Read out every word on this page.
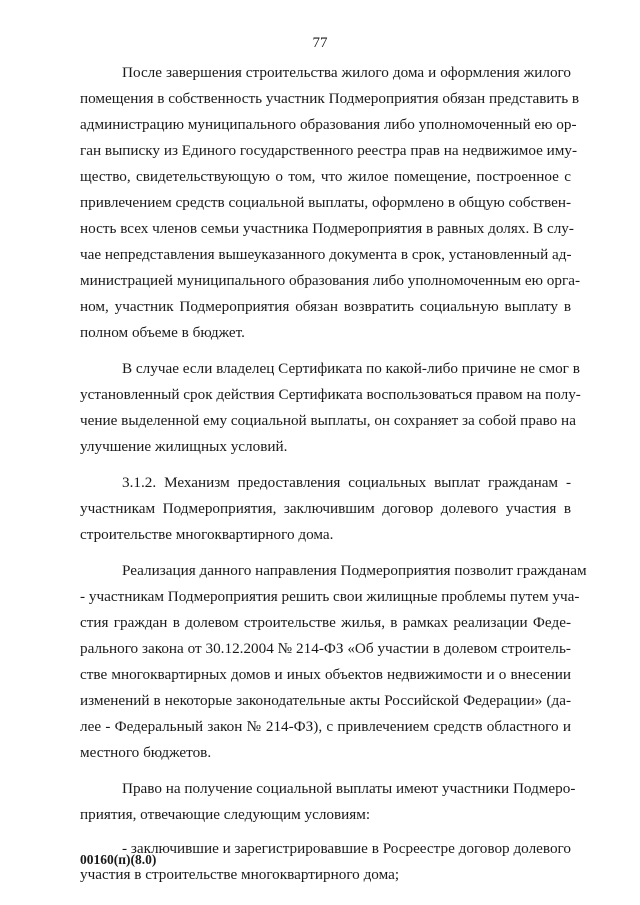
77
После завершения строительства жилого дома и оформления жилого
помещения в собственность участник Подмероприятия обязан представить в
администрацию муниципального образования либо уполномоченный ею ор-
ган выписку из Единого государственного реестра прав на недвижимое иму-
щество, свидетельствующую о том, что жилое помещение, построенное с
привлечением средств социальной выплаты, оформлено в общую собствен-
ность всех членов семьи участника Подмероприятия в равных долях. В слу-
чае непредставления вышеуказанного документа в срок, установленный ад-
министрацией муниципального образования либо уполномоченным ею орга-
ном, участник Подмероприятия обязан возвратить социальную выплату в
полном объеме в бюджет.
В случае если владелец Сертификата по какой-либо причине не смог в
установленный срок действия Сертификата воспользоваться правом на полу-
чение выделенной ему социальной выплаты, он сохраняет за собой право на
улучшение жилищных условий.
3.1.2. Механизм предоставления социальных выплат гражданам -
участникам Подмероприятия, заключившим договор долевого участия в
строительстве многоквартирного дома.
Реализация данного направления Подмероприятия позволит гражданам
- участникам Подмероприятия решить свои жилищные проблемы путем уча-
стия граждан в долевом строительстве жилья, в рамках реализации Феде-
рального закона от 30.12.2004 № 214-ФЗ «Об участии в долевом строитель-
стве многоквартирных домов и иных объектов недвижимости и о внесении
изменений в некоторые законодательные акты Российской Федерации» (да-
лее - Федеральный закон № 214-ФЗ), с привлечением средств областного и
местного бюджетов.
Право на получение социальной выплаты имеют участники Подмеро-
приятия, отвечающие следующим условиям:
- заключившие и зарегистрировавшие в Росреестре договор долевого
участия в строительстве многоквартирного дома;
00160(п)(8.0)
